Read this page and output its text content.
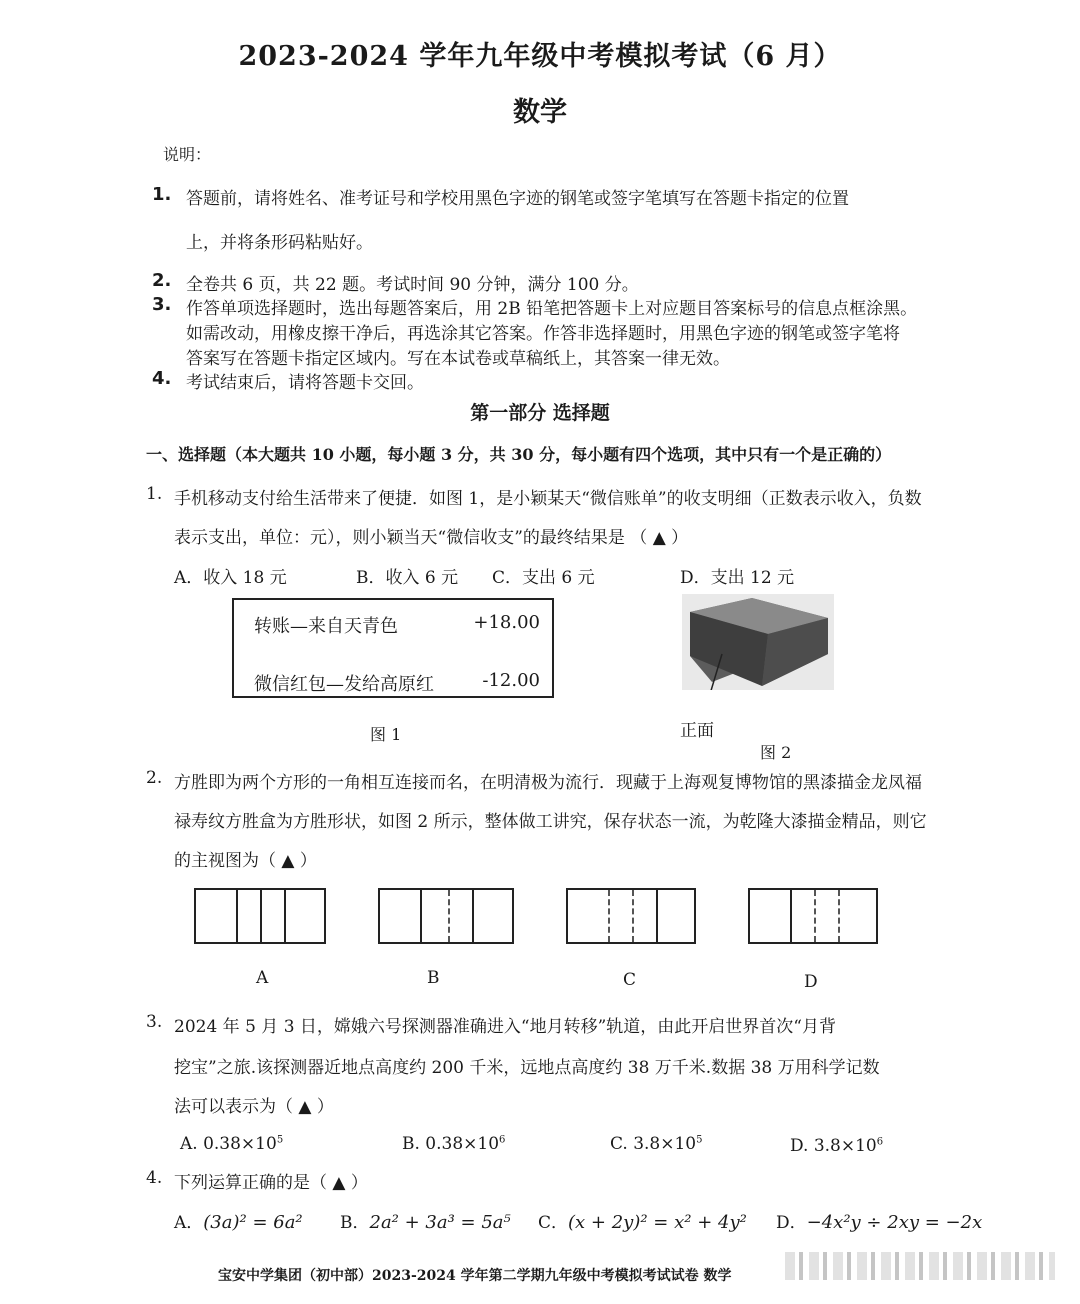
2023-2024 学年九年级中考模拟考试（6 月）
数学
说明：
1. 答题前，请将姓名、准考证号和学校用黑色字迹的钢笔或签字笔填写在答题卡指定的位置
上，并将条形码粘贴好。
2. 全卷共 6 页，共 22 题。考试时间 90 分钟，满分 100 分。
3. 作答单项选择题时，选出每题答案后，用 2B 铅笔把答题卡上对应题目答案标号的信息点框涂黑。
如需改动，用橡皮擦干净后，再选涂其它答案。作答非选择题时，用黑色字迹的钢笔或签字笔将
答案写在答题卡指定区域内。写在本试卷或草稿纸上，其答案一律无效。
4. 考试结束后，请将答题卡交回。
第一部分 选择题
一、选择题（本大题共 10 小题，每小题 3 分，共 30 分，每小题有四个选项，其中只有一个是正确的）
1. 手机移动支付给生活带来了便捷．如图 1，是小颖某天“微信账单”的收支明细（正数表示收入，负数
表示支出，单位：元），则小颖当天“微信收支”的最终结果是 （ ▲ ）
A．收入 18 元	B．收入 6 元 C．支出 6 元	D．支出 12 元
转账—来自天青色	+18.00
微信红包—发给高原红	-12.00
图 1	正面
图 2
2. 方胜即为两个方形的一角相互连接而名，在明清极为流行．现藏于上海观复博物馆的黑漆描金龙凤福
禄寿纹方胜盒为方胜形状，如图 2 所示，整体做工讲究，保存状态一流，为乾隆大漆描金精品，则它
的主视图为（ ▲ ）
A	B	C	D
3. 2024 年 5 月 3 日，嫦娥六号探测器准确进入“地月转移”轨道，由此开启世界首次“月背
挖宝”之旅.该探测器近地点高度约 200 千米，远地点高度约 38 万千米.数据 38 万用科学记数
法可以表示为（ ▲ ）
A. $0.38\times 10^5$	B. $0.38\times 10^6$	C. $3.8\times 10^5$	D. $3.8\times 10^6$
4. 下列运算正确的是（ ▲ ）
A．(3a)² = 6a² B．2a² + 3a³ = 5a⁵ C．(x + 2y)² = x² + 4y² D．−4x²y ÷ 2xy = −2x
宝安中学集团（初中部）2023-2024 学年第二学期九年级中考模拟考试试卷 数学
